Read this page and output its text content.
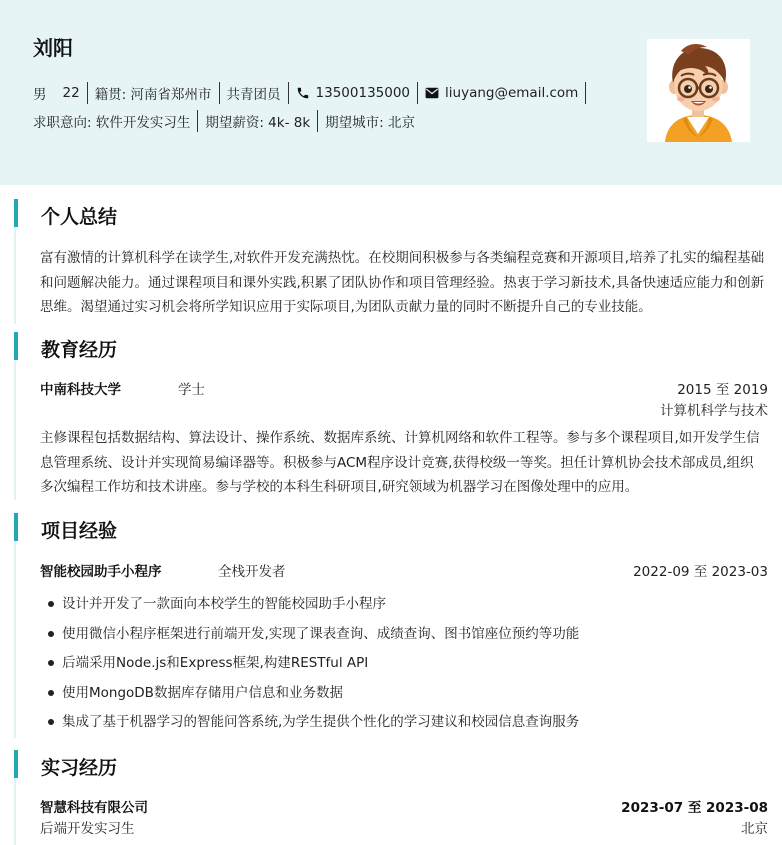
刘阳
男 22 籍贯: 河南省郑州市 共青团员	13500135000	liuyang@email.com
求职意向: 软件开发实习生 期望薪资: 4k- 8k 期望城市: 北京
个人总结
富有激情的计算机科学在读学生,对软件开发充满热忱。在校期间积极参与各类编程竞赛和开源项目,培养了扎实的编程基础和问题解决能力。通过课程项目和课外实践,积累了团队协作和项目管理经验。热衷于学习新技术,具备快速适应能力和创新思维。渴望通过实习机会将所学知识应用于实际项目,为团队贡献力量的同时不断提升自己的专业技能。
教育经历
中南科技大学	学士	2015 至 2019
计算机科学与技术
主修课程包括数据结构、算法设计、操作系统、数据库系统、计算机网络和软件工程等。参与多个课程项目,如开发学生信息管理系统、设计并实现简易编译器等。积极参与ACM程序设计竞赛,获得校级一等奖。担任计算机协会技术部成员,组织多次编程工作坊和技术讲座。参与学校的本科生科研项目,研究领域为机器学习在图像处理中的应用。
项目经验
智能校园助手小程序	全栈开发者	2022-09 至 2023-03
设计并开发了一款面向本校学生的智能校园助手小程序
使用微信小程序框架进行前端开发,实现了课表查询、成绩查询、图书馆座位预约等功能
后端采用Node.js和Express框架,构建RESTful API
使用MongoDB数据库存储用户信息和业务数据
集成了基于机器学习的智能问答系统,为学生提供个性化的学习建议和校园信息查询服务
实习经历
智慧科技有限公司	2023-07 至 2023-08
后端开发实习生	北京
